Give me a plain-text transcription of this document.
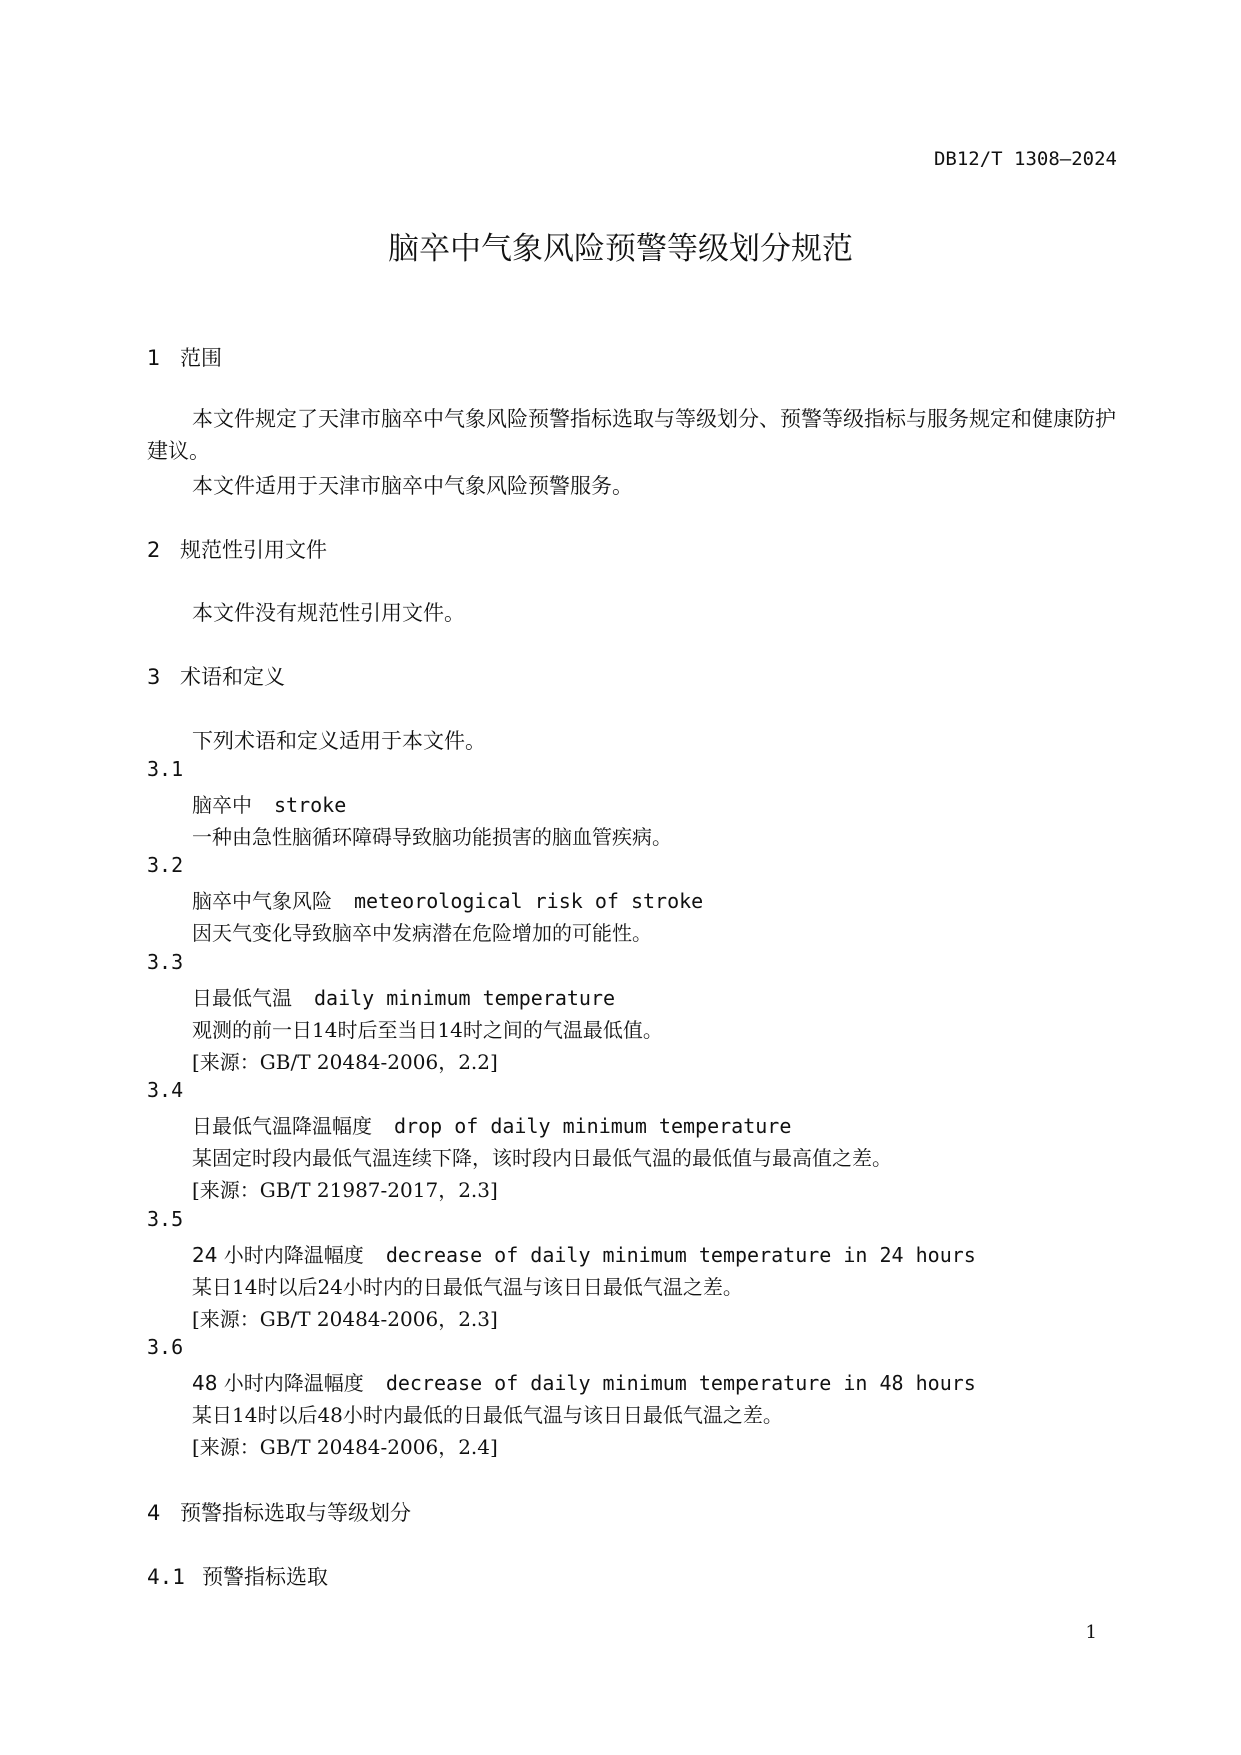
DB12/T 1308—2024
脑卒中气象风险预警等级划分规范
1 范围
本文件规定了天津市脑卒中气象风险预警指标选取与等级划分、预警等级指标与服务规定和健康防护建议。
本文件适用于天津市脑卒中气象风险预警服务。
2 规范性引用文件
本文件没有规范性引用文件。
3 术语和定义
下列术语和定义适用于本文件。
3.1
脑卒中 stroke
一种由急性脑循环障碍导致脑功能损害的脑血管疾病。
3.2
脑卒中气象风险 meteorological risk of stroke
因天气变化导致脑卒中发病潜在危险增加的可能性。
3.3
日最低气温 daily minimum temperature
观测的前一日14时后至当日14时之间的气温最低值。
[来源：GB/T 20484-2006，2.2]
3.4
日最低气温降温幅度 drop of daily minimum temperature
某固定时段内最低气温连续下降，该时段内日最低气温的最低值与最高值之差。
[来源：GB/T 21987-2017，2.3]
3.5
24 小时内降温幅度 decrease of daily minimum temperature in 24 hours
某日14时以后24小时内的日最低气温与该日日最低气温之差。
[来源：GB/T 20484-2006，2.3]
3.6
48 小时内降温幅度 decrease of daily minimum temperature in 48 hours
某日14时以后48小时内最低的日最低气温与该日日最低气温之差。
[来源：GB/T 20484-2006，2.4]
4 预警指标选取与等级划分
4.1 预警指标选取
1
